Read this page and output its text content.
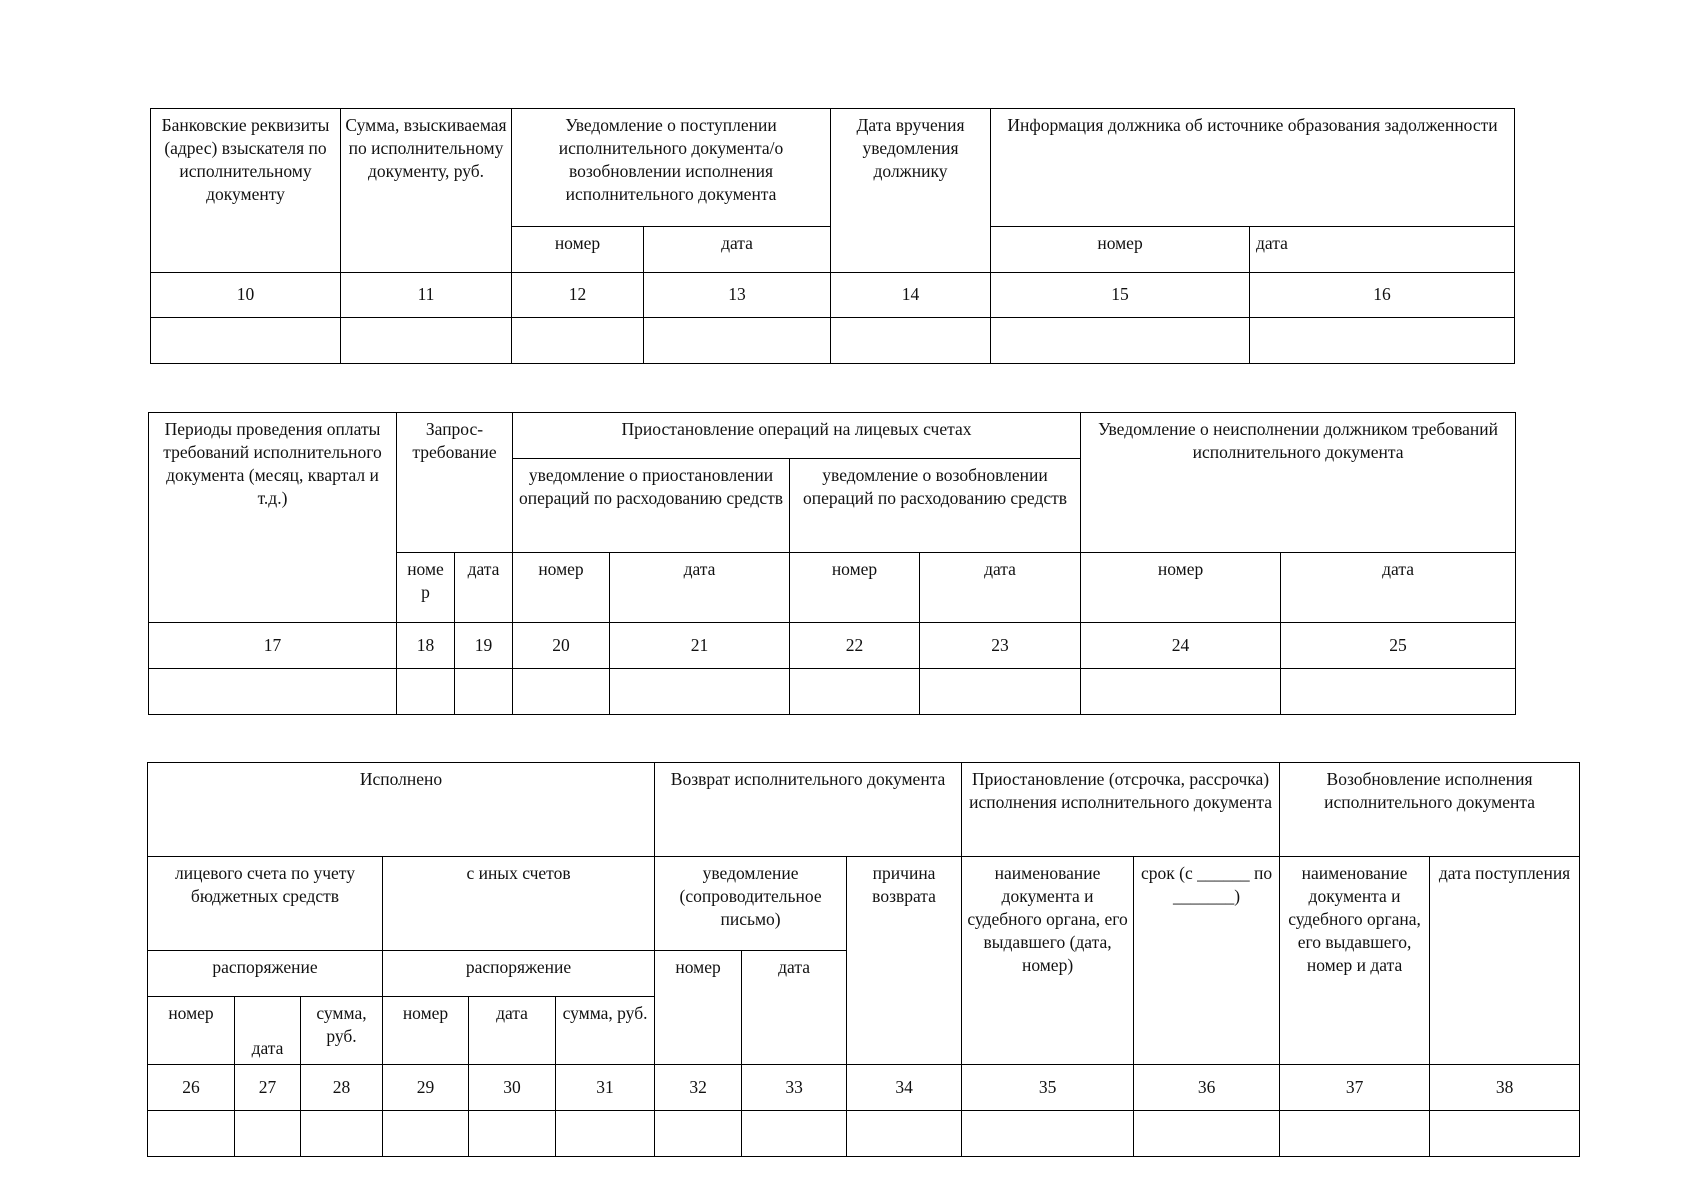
Банковские реквизиты (адрес) взыскателя по исполнительному документу	Сумма, взыскиваемая по исполнительному документу, руб.	Уведомление о поступлении исполнительного документа/о возобновлении исполнения исполнительного документа		Дата вручения уведомления должнику	Информация должника об источнике образования задолженности	
		номер	дата		номер	дата
10	11	12	13	14	15	16

Периоды проведения оплаты требований исполнительного документа (месяц, квартал и т.д.)	Запрос-требование		Приостановление операций на лицевых счетах				Уведомление о неисполнении должником требований исполнительного документа	
			уведомление о приостановлении операций по расходованию средств		уведомление о возобновлении операций по расходованию средств			
	номе р	дата	номер	дата	номер	дата	номер	дата
17	18	19	20	21	22	23	24	25

Исполнено						Возврат исполнительного документа			Приостановление (отсрочка, рассрочка) исполнения исполнительного документа		Возобновление исполнения исполнительного документа	
лицевого счета по учету бюджетных средств			с иных счетов			уведомление (сопроводительное письмо)		причина возврата	наименование документа и судебного органа, его выдавшего (дата, номер)	срок (с ______ по _______)	наименование документа и судебного органа, его выдавшего, номер и дата	дата поступления
распоряжение			распоряжение			номер	дата					
номер	дата	сумма, руб.	номер	дата	сумма, руб.							
26	27	28	29	30	31	32	33	34	35	36	37	38
